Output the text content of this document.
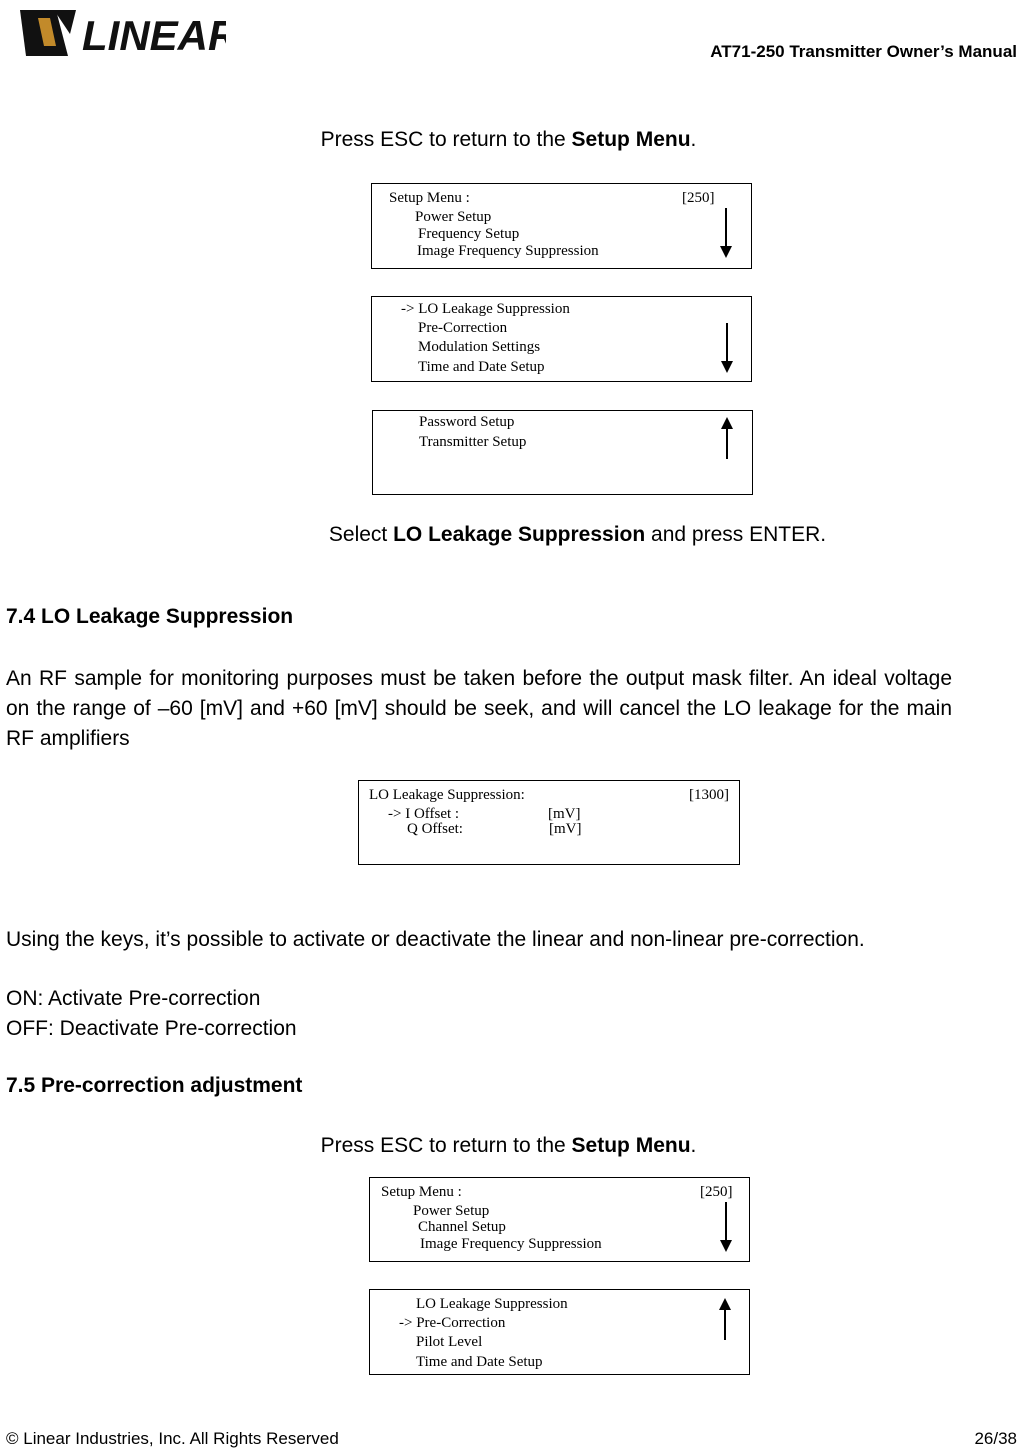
LINEAR	AT71-250 Transmitter Owner’s Manual
Press ESC to return to the Setup Menu.
Setup Menu :	[250]
Power Setup
Frequency Setup
Image Frequency Suppression
-> LO Leakage Suppression
Pre-Correction
Modulation Settings
Time and Date Setup
Password Setup
Transmitter Setup
Select LO Leakage Suppression and press ENTER.
7.4 LO Leakage Suppression
An RF sample for monitoring purposes must be taken before the output mask filter. An ideal voltage on the range of –60 [mV] and +60 [mV] should be seek, and will cancel the LO leakage for the main RF amplifiers
LO Leakage Suppression:	[1300]
-> I Offset :	[mV]
Q Offset:	[mV]
Using the keys, it’s possible to activate or deactivate the linear and non-linear pre-correction.
ON: Activate Pre-correction
OFF: Deactivate Pre-correction
7.5 Pre-correction adjustment
Press ESC to return to the Setup Menu.
Setup Menu :	[250]
Power Setup
Channel Setup
Image Frequency Suppression
LO Leakage Suppression
-> Pre-Correction
Pilot Level
Time and Date Setup
© Linear Industries, Inc. All Rights Reserved	26/38
